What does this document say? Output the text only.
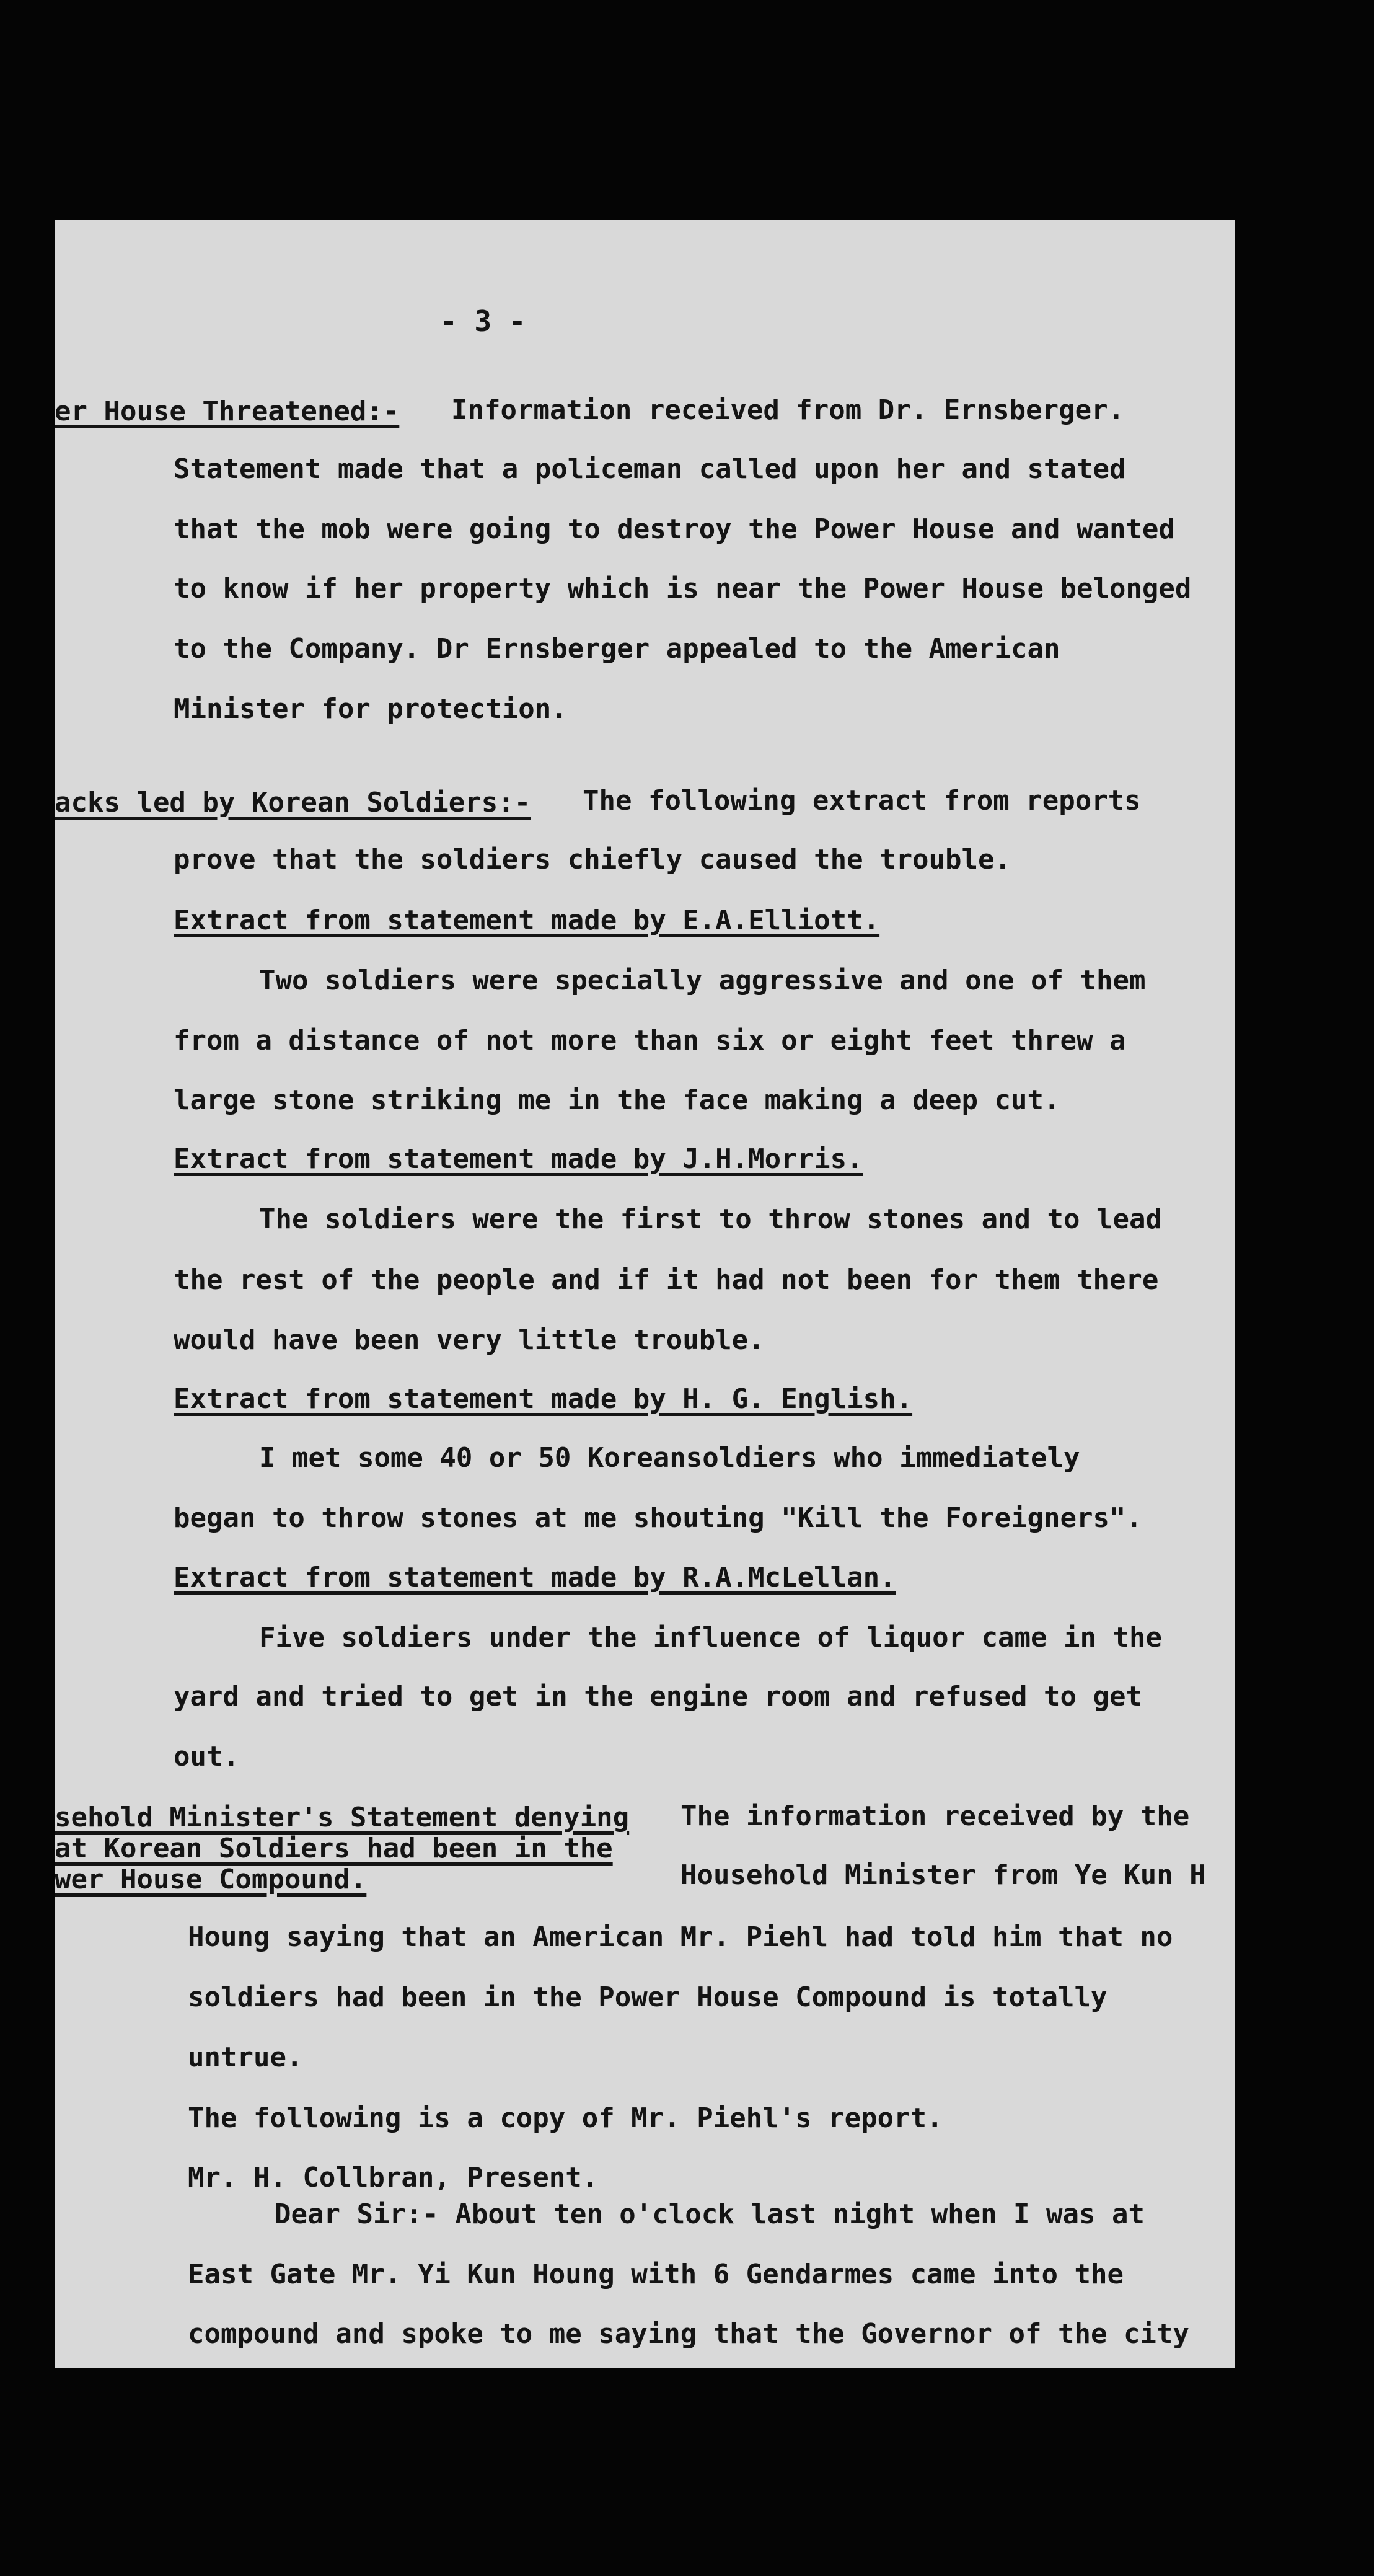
- 3 -
er House Threatened:- Information received from Dr. Ernsberger.
Statement made that a policeman called upon her and stated
that the mob were going to destroy the Power House and wanted
to know if her property which is near the Power House belonged
to the Company. Dr Ernsberger appealed to the American
Minister for protection.
acks led by Korean Soldiers:- The following extract from reports
prove that the soldiers chiefly caused the trouble.
Extract from statement made by E.A.Elliott.
Two soldiers were specially aggressive and one of them
from a distance of not more than six or eight feet threw a
large stone striking me in the face making a deep cut.
Extract from statement made by J.H.Morris.
The soldiers were the first to throw stones and to lead
the rest of the people and if it had not been for them there
would have been very little trouble.
Extract from statement made by H. G. English.
I met some 40 or 50 Koreansoldiers who immediately
began to throw stones at me shouting "Kill the Foreigners".
Extract from statement made by R.A.McLellan.
Five soldiers under the influence of liquor came in the
yard and tried to get in the engine room and refused to get
out.
sehold Minister's Statement denying
at Korean Soldiers had been in the
wer House Compound.
The information received by the
Household Minister from Ye Kun H
Houng saying that an American Mr. Piehl had told him that no
soldiers had been in the Power House Compound is totally
untrue.
The following is a copy of Mr. Piehl's report.
Mr. H. Collbran, Present.
Dear Sir:- About ten o'clock last night when I was at
East Gate Mr. Yi Kun Houng with 6 Gendarmes came into the
compound and spoke to me saying that the Governor of the city
